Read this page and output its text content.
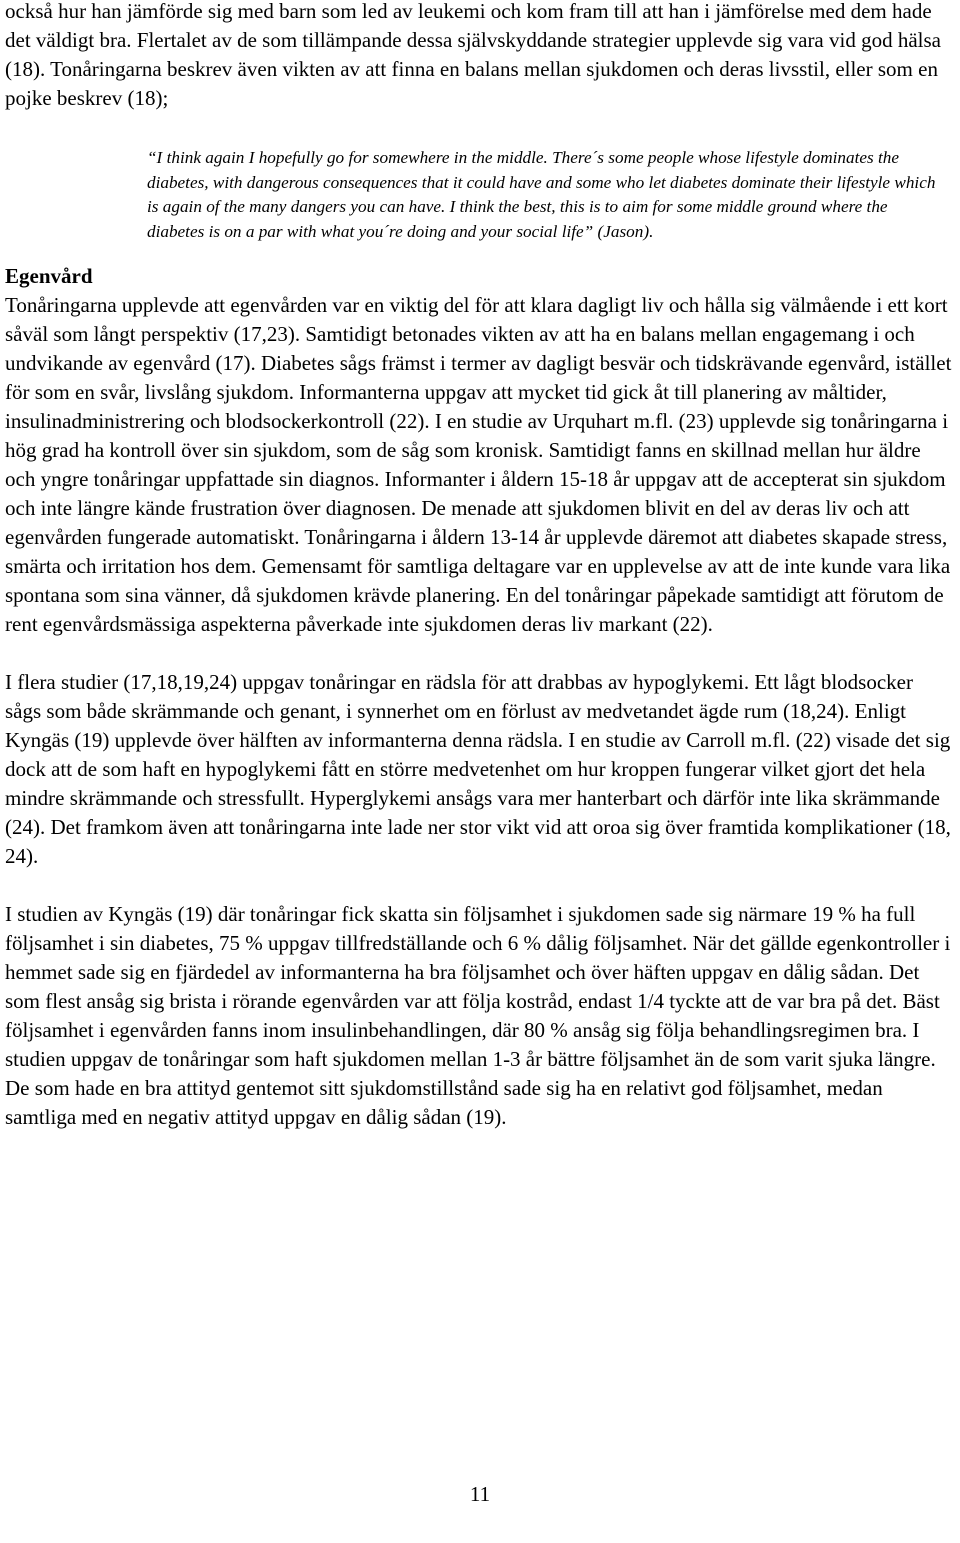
också hur han jämförde sig med barn som led av leukemi och kom fram till att han i jämförelse med dem hade det väldigt bra. Flertalet av de som tillämpande dessa självskyddande strategier upplevde sig vara vid god hälsa (18). Tonåringarna beskrev även vikten av att finna en balans mellan sjukdomen och deras livsstil, eller som en pojke beskrev (18);

“I think again I hopefully go for somewhere in the middle. There´s some people whose lifestyle dominates the diabetes, with dangerous consequences that it could have and some who let diabetes dominate their lifestyle which is again of the many dangers you can have. I think the best, this is to aim for some middle ground where the diabetes is on a par with what you´re doing and your social life” (Jason).

Egenvård

Tonåringarna upplevde att egenvården var en viktig del för att klara dagligt liv och hålla sig välmående i ett kort såväl som långt perspektiv (17,23). Samtidigt betonades vikten av att ha en balans mellan engagemang i och undvikande av egenvård (17). Diabetes sågs främst i termer av dagligt besvär och tidskrävande egenvård, istället för som en svår, livslång sjukdom. Informanterna uppgav att mycket tid gick åt till planering av måltider, insulinadministrering och blodsockerkontroll (22). I en studie av Urquhart m.fl. (23) upplevde sig tonåringarna i hög grad ha kontroll över sin sjukdom, som de såg som kronisk. Samtidigt fanns en skillnad mellan hur äldre och yngre tonåringar uppfattade sin diagnos. Informanter i åldern 15-18 år uppgav att de accepterat sin sjukdom och inte längre kände frustration över diagnosen. De menade att sjukdomen blivit en del av deras liv och att egenvården fungerade automatiskt. Tonåringarna i åldern 13-14 år upplevde däremot att diabetes skapade stress, smärta och irritation hos dem. Gemensamt för samtliga deltagare var en upplevelse av att de inte kunde vara lika spontana som sina vänner, då sjukdomen krävde planering. En del tonåringar påpekade samtidigt att förutom de rent egenvårdsmässiga aspekterna påverkade inte sjukdomen deras liv markant (22).

I flera studier (17,18,19,24) uppgav tonåringar en rädsla för att drabbas av hypoglykemi. Ett lågt blodsocker sågs som både skrämmande och genant, i synnerhet om en förlust av medvetandet ägde rum (18,24). Enligt Kyngäs (19) upplevde över hälften av informanterna denna rädsla. I en studie av Carroll m.fl. (22) visade det sig dock att de som haft en hypoglykemi fått en större medvetenhet om hur kroppen fungerar vilket gjort det hela mindre skrämmande och stressfullt. Hyperglykemi ansågs vara mer hanterbart och därför inte lika skrämmande (24). Det framkom även att tonåringarna inte lade ner stor vikt vid att oroa sig över framtida komplikationer (18, 24).

I studien av Kyngäs (19) där tonåringar fick skatta sin följsamhet i sjukdomen sade sig närmare 19 % ha full följsamhet i sin diabetes, 75 % uppgav tillfredställande och 6 % dålig följsamhet. När det gällde egenkontroller i hemmet sade sig en fjärdedel av informanterna ha bra följsamhet och över häften uppgav en dålig sådan. Det som flest ansåg sig brista i rörande egenvården var att följa kostråd, endast 1/4 tyckte att de var bra på det. Bäst följsamhet i egenvården fanns inom insulinbehandlingen, där 80 % ansåg sig följa behandlingsregimen bra. I studien uppgav de tonåringar som haft sjukdomen mellan 1-3 år bättre följsamhet än de som varit sjuka längre. De som hade en bra attityd gentemot sitt sjukdomstillstånd sade sig ha en relativt god följsamhet, medan samtliga med en negativ attityd uppgav en dålig sådan (19).

11
